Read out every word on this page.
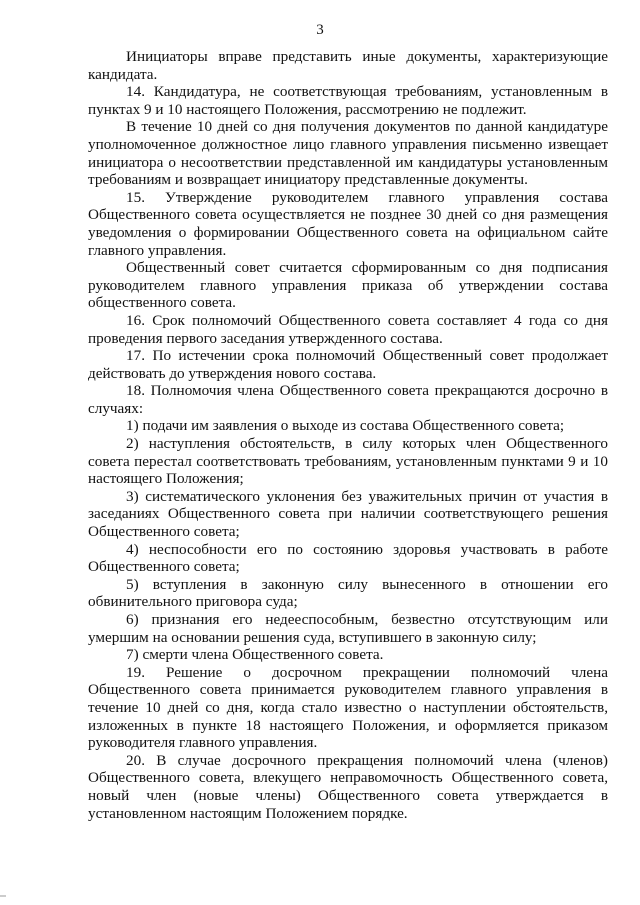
3

Инициаторы вправе представить иные документы, характеризующие кандидата.

14. Кандидатура, не соответствующая требованиям, установленным в пунктах 9 и 10 настоящего Положения, рассмотрению не подлежит.

В течение 10 дней со дня получения документов по данной кандидатуре уполномоченное должностное лицо главного управления письменно извещает инициатора о несоответствии представленной им кандидатуры установленным требованиям и возвращает инициатору представленные документы.

15. Утверждение руководителем главного управления состава Общественного совета осуществляется не позднее 30 дней со дня размещения уведомления о формировании Общественного совета на официальном сайте главного управления.

Общественный совет считается сформированным со дня подписания руководителем главного управления приказа об утверждении состава общественного совета.

16. Срок полномочий Общественного совета составляет 4 года со дня проведения первого заседания утвержденного состава.

17. По истечении срока полномочий Общественный совет продолжает действовать до утверждения нового состава.

18. Полномочия члена Общественного совета прекращаются досрочно в случаях:

1) подачи им заявления о выходе из состава Общественного совета;

2) наступления обстоятельств, в силу которых член Общественного совета перестал соответствовать требованиям, установленным пунктами 9 и 10 настоящего Положения;

3) систематического уклонения без уважительных причин от участия в заседаниях Общественного совета при наличии соответствующего решения Общественного совета;

4) неспособности его по состоянию здоровья участвовать в работе Общественного совета;

5) вступления в законную силу вынесенного в отношении его обвинительного приговора суда;

6) признания его недееспособным, безвестно отсутствующим или умершим на основании решения суда, вступившего в законную силу;

7) смерти члена Общественного совета.

19. Решение о досрочном прекращении полномочий члена Общественного совета принимается руководителем главного управления в течение 10 дней со дня, когда стало известно о наступлении обстоятельств, изложенных в пункте 18 настоящего Положения, и оформляется приказом руководителя главного управления.

20. В случае досрочного прекращения полномочий члена (членов) Общественного совета, влекущего неправомочность Общественного совета, новый член (новые члены) Общественного совета утверждается в установленном настоящим Положением порядке.
